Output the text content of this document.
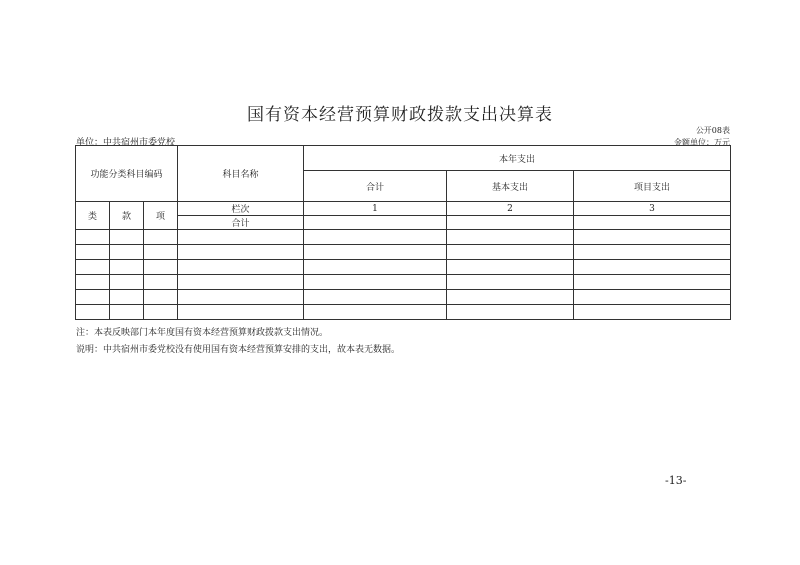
国有资本经营预算财政拨款支出决算表
公开08表
金额单位：万元
单位：中共宿州市委党校
功能分类科目编码			科目名称	本年支出		
				合计	基本支出	项目支出
类	款	项	栏次	1	2	3
			合计			

注：本表反映部门本年度国有资本经营预算财政拨款支出情况。
说明：中共宿州市委党校没有使用国有资本经营预算安排的支出，故本表无数据。
-13-
